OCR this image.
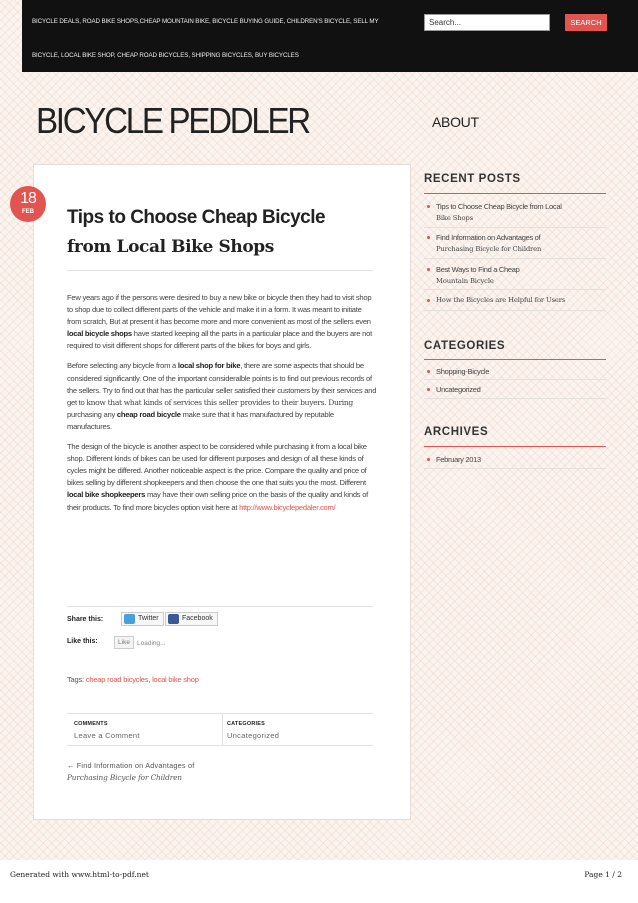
BICYCLE DEALS, ROAD BIKE SHOPS,CHEAP MOUNTAIN BIKE, BICYCLE BUYING GUIDE, CHILDREN'S BICYCLE, SELL MY
BICYCLE, LOCAL BIKE SHOP, CHEAP ROAD BICYCLES, SHIPPING BICYCLES, BUY BICYCLES
Search...	SEARCH
BICYCLE PEDDLER	ABOUT
18
FEB	Tips to Choose Cheap Bicycle
from Local Bike Shops

Few years ago if the persons were desired to buy a new bike or bicycle then they had to visit shop to shop due to collect different parts of the vehicle and make it in a form. It was meant to initiate from scratch, But at present it has become more and more convenient as most of the sellers even local bicycle shops have started keeping all the parts in a particular place and the buyers are not required to visit different shops for different parts of the bikes for boys and girls.

Before selecting any bicycle from a local shop for bike, there are some aspects that should be considered significantly. One of the important consideralble points is to find out previous records of the sellers. Try to find out that has the particular seller satisfied their customers by their services and get to know that what kinds of services this seller provides to their buyers. During purchasing any cheap road bicycle make sure that it has manufactured by reputable manufactures.

The design of the bicycle is another aspect to be considered while purchasing it from a local bike shop. Different kinds of bikes can be used for different purposes and design of all these kinds of cycles might be differed. Another noticeable aspect is the price. Compare the quality and price of bikes selling by different shopkeepers and then choose the one that suits you the most. Different local bike shopkeepers may have their own selling price on the basis of the quality and kinds of their products. To find more bicycles option visit here at http://www.bicyclepedaler.com/

Share this:	Twitter	Facebook
Like this:	Like	Loading...
Tags: cheap road bicycles, local bike shop
COMMENTS
Leave a Comment
CATEGORIES
Uncategorized
← Find Information on Advantages of
Purchasing Bicycle for Children
RECENT POSTS
Tips to Choose Cheap Bicycle from Local
Bike Shops
Find Information on Advantages of
Purchasing Bicycle for Children
Best Ways to Find a Cheap
Mountain Bicycle
How the Bicycles are Helpful for Users
CATEGORIES
Shopping-Bicycle
Uncategorized
ARCHIVES
February 2013
Generated with www.html-to-pdf.net	Page 1 / 2
